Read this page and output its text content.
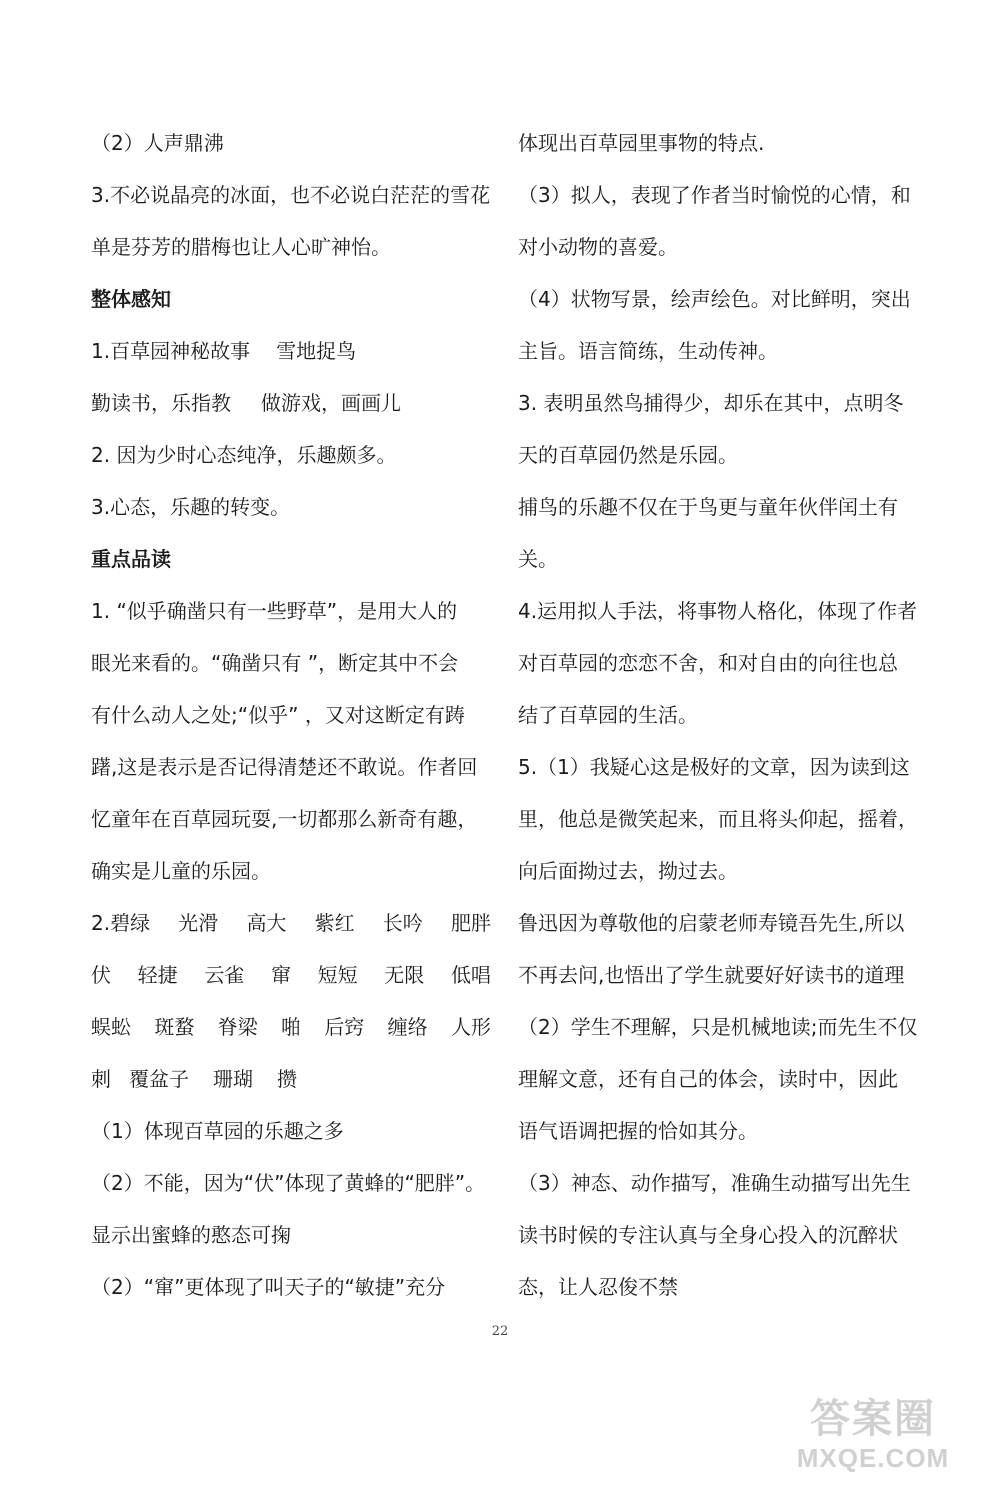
（2）人声鼎沸
3.不必说晶亮的冰面，也不必说白茫茫的雪花
单是芬芳的腊梅也让人心旷神怡。
整体感知
1.百草园神秘故事 雪地捉鸟
勤读书，乐指教 做游戏，画画儿
2. 因为少时心态纯净，乐趣颇多。
3.心态，乐趣的转变。
重点品读
1. “似乎确凿只有一些野草”，是用大人的
眼光来看的。“确凿只有 ”，断定其中不会
有什么动人之处;“似乎” ，又对这断定有踌
躇,这是表示是否记得清楚还不敢说。作者回
忆童年在百草园玩耍,一切都那么新奇有趣，
确实是儿童的乐园。
2.碧绿 光滑 高大 紫红 长吟 肥胖
伏 轻捷 云雀 窜 短短 无限 低唱
蜈蚣 斑蝥 脊梁 啪 后窍 缠络 人形
刺 覆盆子 珊瑚 攒
（1）体现百草园的乐趣之多
（2）不能，因为“伏”体现了黄蜂的“肥胖”。
显示出蜜蜂的憨态可掬
（2）“窜”更体现了叫天子的“敏捷”充分
体现出百草园里事物的特点.
（3）拟人，表现了作者当时愉悦的心情，和
对小动物的喜爱。
（4）状物写景，绘声绘色。对比鲜明，突出
主旨。语言简练，生动传神。
3. 表明虽然鸟捕得少，却乐在其中，点明冬
天的百草园仍然是乐园。
捕鸟的乐趣不仅在于鸟更与童年伙伴闰土有
关。
4.运用拟人手法，将事物人格化，体现了作者
对百草园的恋恋不舍，和对自由的向往也总
结了百草园的生活。
5.（1）我疑心这是极好的文章，因为读到这
里，他总是微笑起来，而且将头仰起，摇着，
向后面拗过去，拗过去。
鲁迅因为尊敬他的启蒙老师寿镜吾先生,所以
不再去问,也悟出了学生就要好好读书的道理
（2）学生不理解，只是机械地读;而先生不仅
理解文意，还有自己的体会，读时中，因此
语气语调把握的恰如其分。
（3）神态、动作描写，准确生动描写出先生
读书时候的专注认真与全身心投入的沉醉状
态，让人忍俊不禁
22
答案圈
MXQE.COM
